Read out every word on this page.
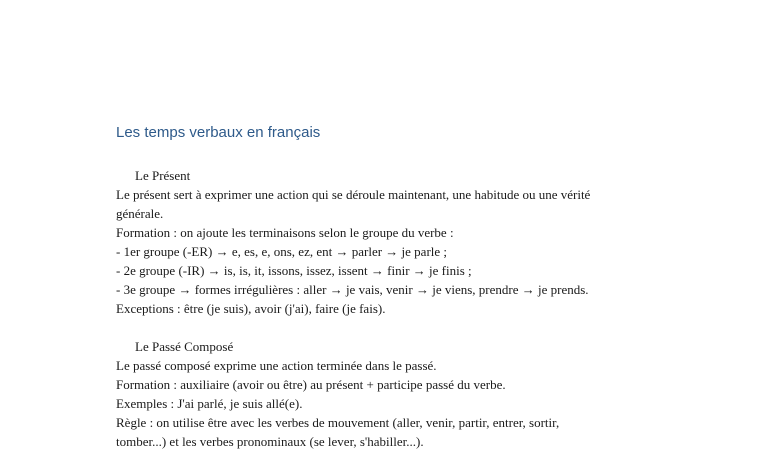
Les temps verbaux en français

Le Présent

Le présent sert à exprimer une action qui se déroule maintenant, une habitude ou une vérité

générale.

Formation : on ajoute les terminaisons selon le groupe du verbe :

- 1er groupe (-ER) → e, es, e, ons, ez, ent → parler → je parle ;

- 2e groupe (-IR) → is, is, it, issons, issez, issent → finir → je finis ;

- 3e groupe → formes irrégulières : aller → je vais, venir → je viens, prendre → je prends.

Exceptions : être (je suis), avoir (j'ai), faire (je fais).

Le Passé Composé

Le passé composé exprime une action terminée dans le passé.

Formation : auxiliaire (avoir ou être) au présent + participe passé du verbe.

Exemples : J'ai parlé, je suis allé(e).

Règle : on utilise être avec les verbes de mouvement (aller, venir, partir, entrer, sortir,

tomber...) et les verbes pronominaux (se lever, s'habiller...).
